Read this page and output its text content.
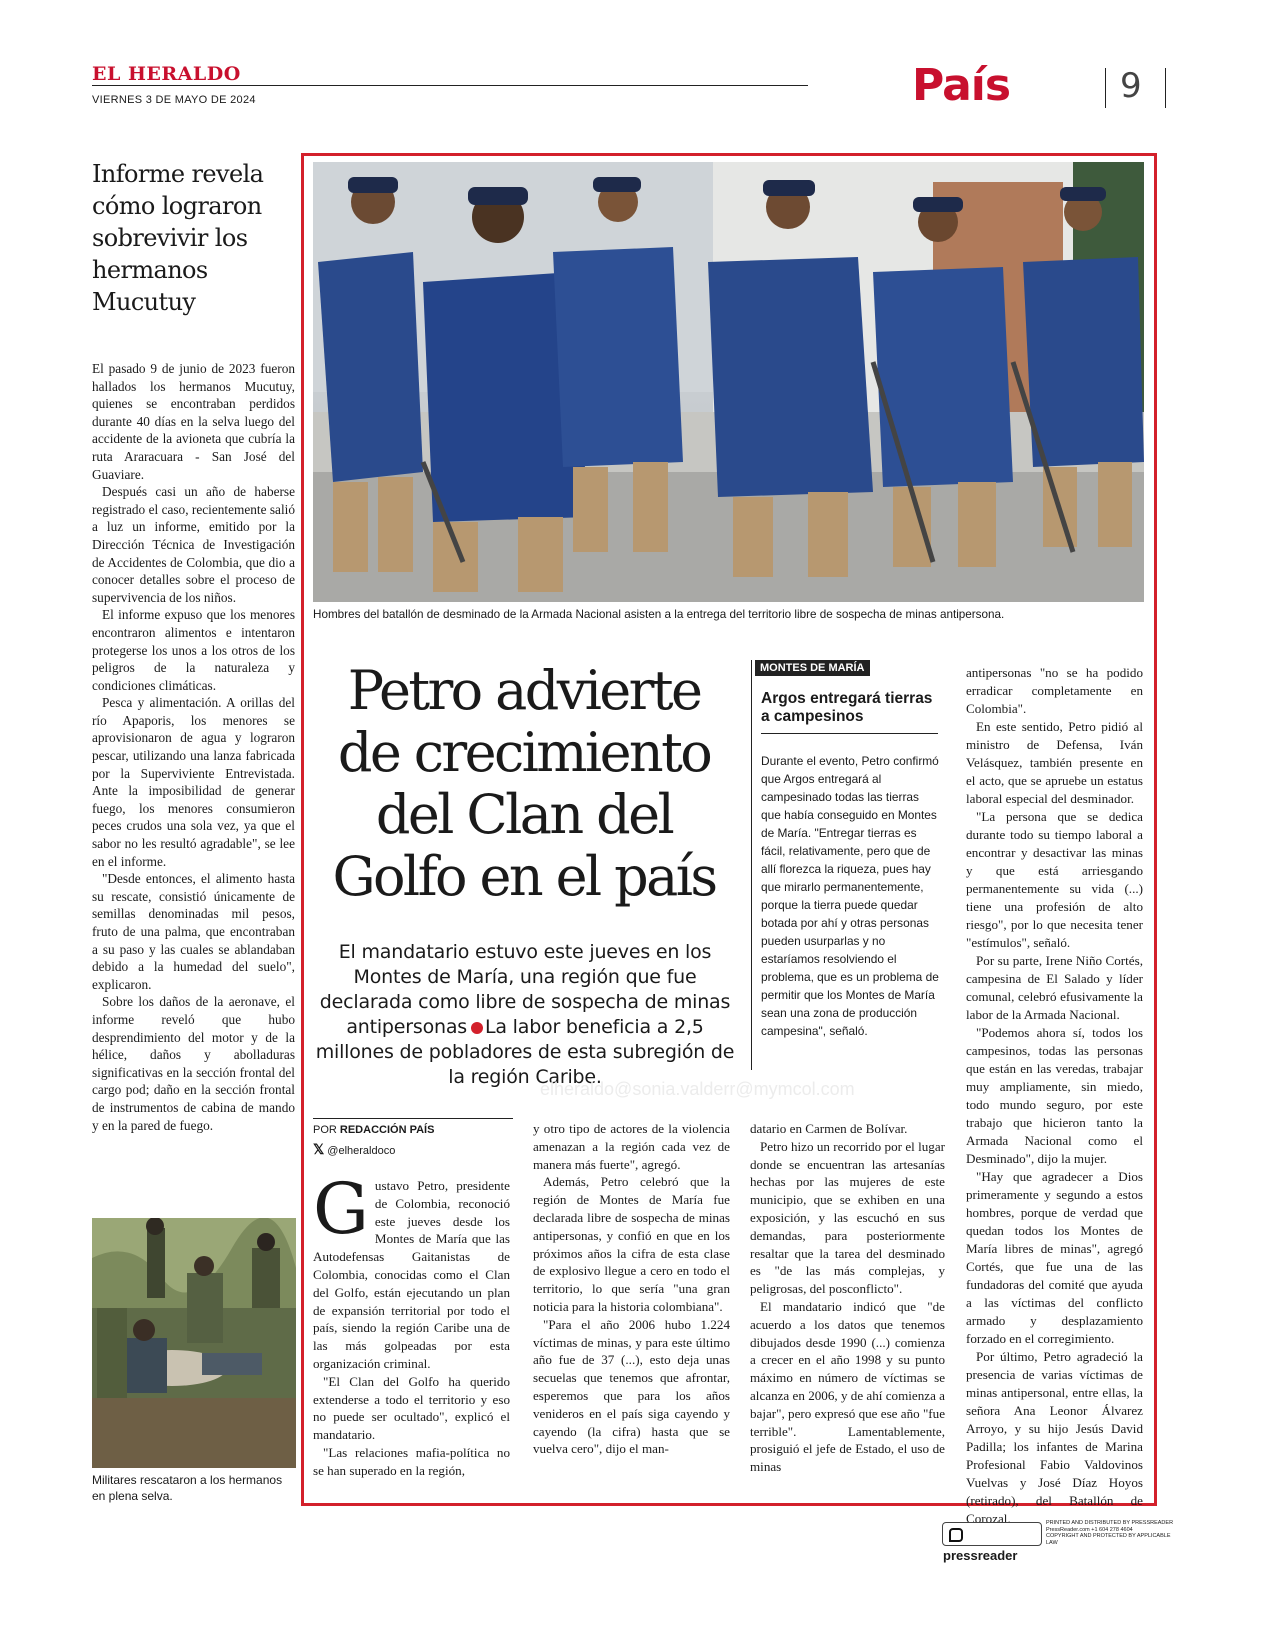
EL HERALDO
VIERNES 3 DE MAYO DE 2024	País	9
Informe revela cómo lograron sobrevivir los hermanos Mucutuy

El pasado 9 de junio de 2023 fueron hallados los hermanos Mucutuy, quienes se encontraban perdidos durante 40 días en la selva luego del accidente de la avioneta que cubría la ruta Araracuara - San José del Guaviare.

Después casi un año de haberse registrado el caso, recientemente salió a luz un informe, emitido por la Dirección Técnica de Investigación de Accidentes de Colombia, que dio a conocer detalles sobre el proceso de supervivencia de los niños.

El informe expuso que los menores encontraron alimentos e intentaron protegerse los unos a los otros de los peligros de la naturaleza y condiciones climáticas.

Pesca y alimentación. A orillas del río Apaporis, los menores se aprovisionaron de agua y lograron pescar, utilizando una lanza fabricada por la Superviviente Entrevistada. Ante la imposibilidad de generar fuego, los menores consumieron peces crudos una sola vez, ya que el sabor no les resultó agradable", se lee en el informe.

"Desde entonces, el alimento hasta su rescate, consistió únicamente de semillas denominadas mil pesos, fruto de una palma, que encontraban a su paso y las cuales se ablandaban debido a la humedad del suelo", explicaron.

Sobre los daños de la aeronave, el informe reveló que hubo desprendimiento del motor y de la hélice, daños y abolladuras significativas en la sección frontal del cargo pod; daño en la sección frontal de instrumentos de cabina de mando y en la pared de fuego.

Militares rescataron a los hermanos en plena selva.
Hombres del batallón de desminado de la Armada Nacional asisten a la entrega del territorio libre de sospecha de minas antipersona.
Petro advierte de crecimiento del Clan del Golfo en el país
El mandatario estuvo este jueves en los Montes de María, una región que fue declarada como libre de sospecha de minas antipersonas La labor beneficia a 2,5 millones de pobladores de esta subregión de la región Caribe.
MONTES DE MARÍA
Argos entregará tierras a campesinos
Durante el evento, Petro confirmó que Argos entregará al campesinado todas las tierras que había conseguido en Montes de María. "Entregar tierras es fácil, relativamente, pero que de allí florezca la riqueza, pues hay que mirarlo permanentemente, porque la tierra puede quedar botada por ahí y otras personas pueden usurparlas y no estaríamos resolviendo el problema, que es un problema de permitir que los Montes de María sean una zona de producción campesina", señaló.

antipersonas "no se ha podido erradicar completamente en Colombia".

En este sentido, Petro pidió al ministro de Defensa, Iván Velásquez, también presente en el acto, que se apruebe un estatus laboral especial del desminador.

"La persona que se dedica durante todo su tiempo laboral a encontrar y desactivar las minas y que está arriesgando permanentemente su vida (...) tiene una profesión de alto riesgo", por lo que necesita tener "estímulos", señaló.

Por su parte, Irene Niño Cortés, campesina de El Salado y líder comunal, celebró efusivamente la labor de la Armada Nacional.

"Podemos ahora sí, todos los campesinos, todas las personas que están en las veredas, trabajar muy ampliamente, sin miedo, todo mundo seguro, por este trabajo que hicieron tanto la Armada Nacional como el Desminado", dijo la mujer.

"Hay que agradecer a Dios primeramente y segundo a estos hombres, porque de verdad que quedan todos los Montes de María libres de minas", agregó Cortés, que fue una de las fundadoras del comité que ayuda a las víctimas del conflicto armado y desplazamiento forzado en el corregimiento.

Por último, Petro agradeció la presencia de varias víctimas de minas antipersonal, entre ellas, la señora Ana Leonor Álvarez Arroyo, y su hijo Jesús David Padilla; los infantes de Marina Profesional Fabio Valdovinos Vuelvas y José Díaz Hoyos (retirado), del Batallón de Corozal.

elheraldo@sonia.valderr@mymcol.com
POR REDACCIÓN PAÍS
𝕏 @elheraldoco
G ustavo Petro, presidente de Colombia, reconoció este jueves desde los Montes de María que las Autodefensas Gaitanistas de Colombia, conocidas como el Clan del Golfo, están ejecutando un plan de expansión territorial por todo el país, siendo la región Caribe una de las más golpeadas por esta organización criminal.

"El Clan del Golfo ha querido extenderse a todo el territorio y eso no puede ser ocultado", explicó el mandatario.

"Las relaciones mafia-política no se han superado en la región,

y otro tipo de actores de la violencia amenazan a la región cada vez de manera más fuerte", agregó.

Además, Petro celebró que la región de Montes de María fue declarada libre de sospecha de minas antipersonas, y confió en que en los próximos años la cifra de esta clase de explosivo llegue a cero en todo el territorio, lo que sería "una gran noticia para la historia colombiana".

"Para el año 2006 hubo 1.224 víctimas de minas, y para este último año fue de 37 (...), esto deja unas secuelas que tenemos que afrontar, esperemos que para los años venideros en el país siga cayendo y cayendo (la cifra) hasta que se vuelva cero", dijo el man-

datario en Carmen de Bolívar.

Petro hizo un recorrido por el lugar donde se encuentran las artesanías hechas por las mujeres de este municipio, que se exhiben en una exposición, y las escuchó en sus demandas, para posteriormente resaltar que la tarea del desminado es "de las más complejas, y peligrosas, del posconflicto".

El mandatario indicó que "de acuerdo a los datos que tenemos dibujados desde 1990 (...) comienza a crecer en el año 1998 y su punto máximo en número de víctimas se alcanza en 2006, y de ahí comienza a bajar", pero expresó que ese año "fue terrible". Lamentablemente, prosiguió el jefe de Estado, el uso de minas

pressreader
PRINTED AND DISTRIBUTED BY PRESSREADER
PressReader.com +1 604 278 4604
COPYRIGHT AND PROTECTED BY APPLICABLE LAW
